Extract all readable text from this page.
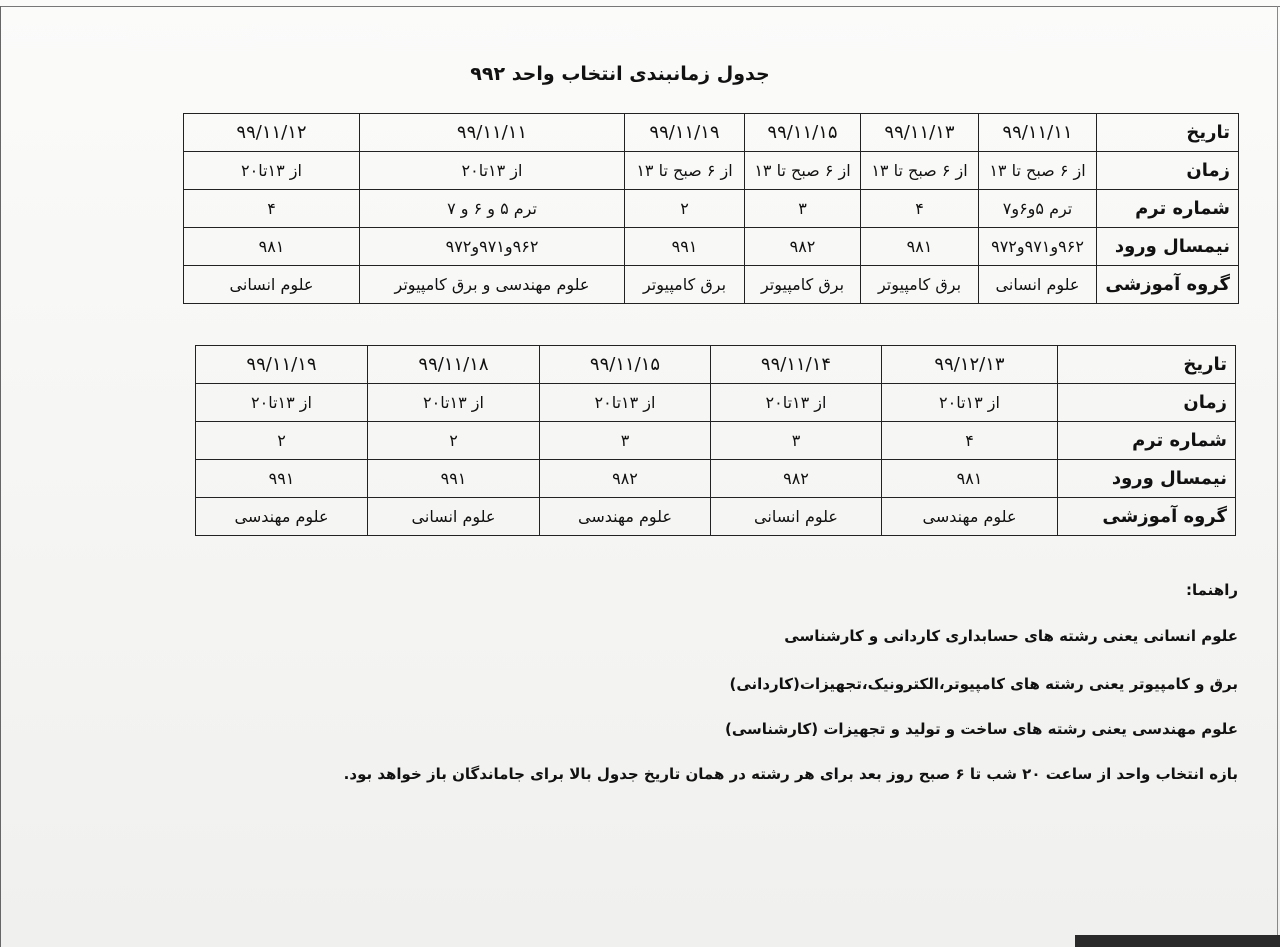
جدول زمانبندی انتخاب واحد ۹۹۲
تاریخ	۹۹/۱۱/۱۱	۹۹/۱۱/۱۳	۹۹/۱۱/۱۵	۹۹/۱۱/۱۹	۹۹/۱۱/۱۱	۹۹/۱۱/۱۲
زمان	از ۶ صبح تا ۱۳	از ۶ صبح تا ۱۳	از ۶ صبح تا ۱۳	از ۶ صبح تا ۱۳	از ۱۳تا۲۰	از ۱۳تا۲۰
شماره ترم	ترم ۵و۶و۷	۴	۳	۲	ترم ۵ و ۶ و ۷	۴
نیمسال ورود	۹۶۲و۹۷۱و۹۷۲	۹۸۱	۹۸۲	۹۹۱	۹۶۲و۹۷۱و۹۷۲	۹۸۱
گروه آموزشی	علوم انسانی	برق کامپیوتر	برق کامپیوتر	برق کامپیوتر	علوم مهندسی و برق کامپیوتر	علوم انسانی
تاریخ	۹۹/۱۲/۱۳	۹۹/۱۱/۱۴	۹۹/۱۱/۱۵	۹۹/۱۱/۱۸	۹۹/۱۱/۱۹
زمان	از ۱۳تا۲۰	از ۱۳تا۲۰	از ۱۳تا۲۰	از ۱۳تا۲۰	از ۱۳تا۲۰
شماره ترم	۴	۳	۳	۲	۲
نیمسال ورود	۹۸۱	۹۸۲	۹۸۲	۹۹۱	۹۹۱
گروه آموزشی	علوم مهندسی	علوم انسانی	علوم مهندسی	علوم انسانی	علوم مهندسی
راهنما:
علوم انسانی یعنی رشته های حسابداری کاردانی و کارشناسی
برق و کامپیوتر یعنی رشته های کامپیوتر،الکترونیک،تجهیزات(کاردانی)
علوم مهندسی یعنی رشته های ساخت و تولید و تجهیزات (کارشناسی)
بازه انتخاب واحد از ساعت ۲۰ شب تا ۶ صبح روز بعد برای هر رشته در همان تاریخ جدول بالا برای جاماندگان باز خواهد بود.
